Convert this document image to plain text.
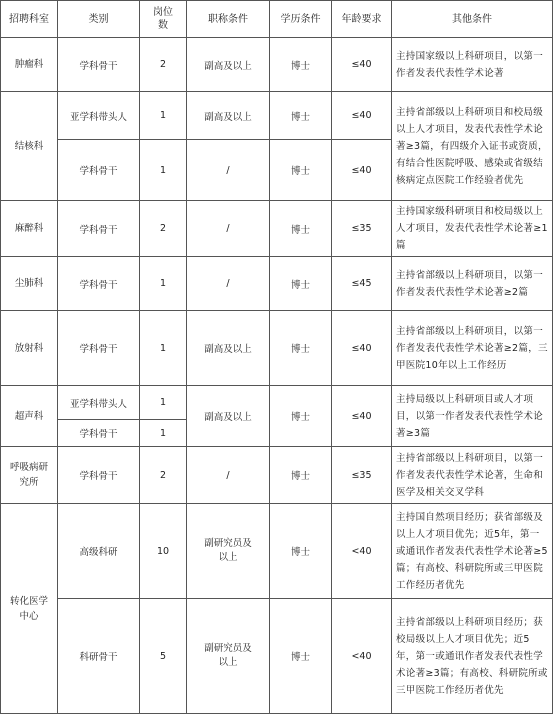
招聘科室	类别	岗位数	职称条件	学历条件	年龄要求	其他条件
肿瘤科	学科骨干	2	副高及以上	博士	≤40	主持国家级以上科研项目，以第一作者发表代表性学术论著
结核科	亚学科带头人	1	副高及以上	博士	≤40	主持省部级以上科研项目和校局级以上人才项目，发表代表性学术论著≥3篇，有四级介入证书或资质，有结合性医院呼吸、感染或省级结核病定点医院工作经验者优先
	学科骨干	1	/	博士	≤40	
麻醉科	学科骨干	2	/	博士	≤35	主持国家级科研项目和校局级以上人才项目，发表代表性学术论著≥1篇
尘肺科	学科骨干	1	/	博士	≤45	主持省部级以上科研项目，以第一作者发表代表性学术论著≥2篇
放射科	学科骨干	1	副高及以上	博士	≤40	主持省部级以上科研项目，以第一作者发表代表性学术论著≥2篇，三甲医院10年以上工作经历
超声科	亚学科带头人	1	副高及以上	博士	≤40	主持局级以上科研项目或人才项目，以第一作者发表代表性学术论著≥3篇
	学科骨干	1				
呼吸病研究所	学科骨干	2	/	博士	≤35	主持省部级以上科研项目，以第一作者发表代表性学术论著，生命和医学及相关交叉学科
转化医学中心	高级科研	10	副研究员及以上	博士	<40	主持国自然项目经历；获省部级及以上人才项目优先；近5年，第一或通讯作者发表代表性学术论著≥5篇；有高校、科研院所或三甲医院工作经历者优先
	科研骨干	5	副研究员及以上	博士	<40	主持省部级以上科研项目经历；获校局级以上人才项目优先；近5年，第一或通讯作者发表代表性学术论著≥3篇；有高校、科研院所或三甲医院工作经历者优先
